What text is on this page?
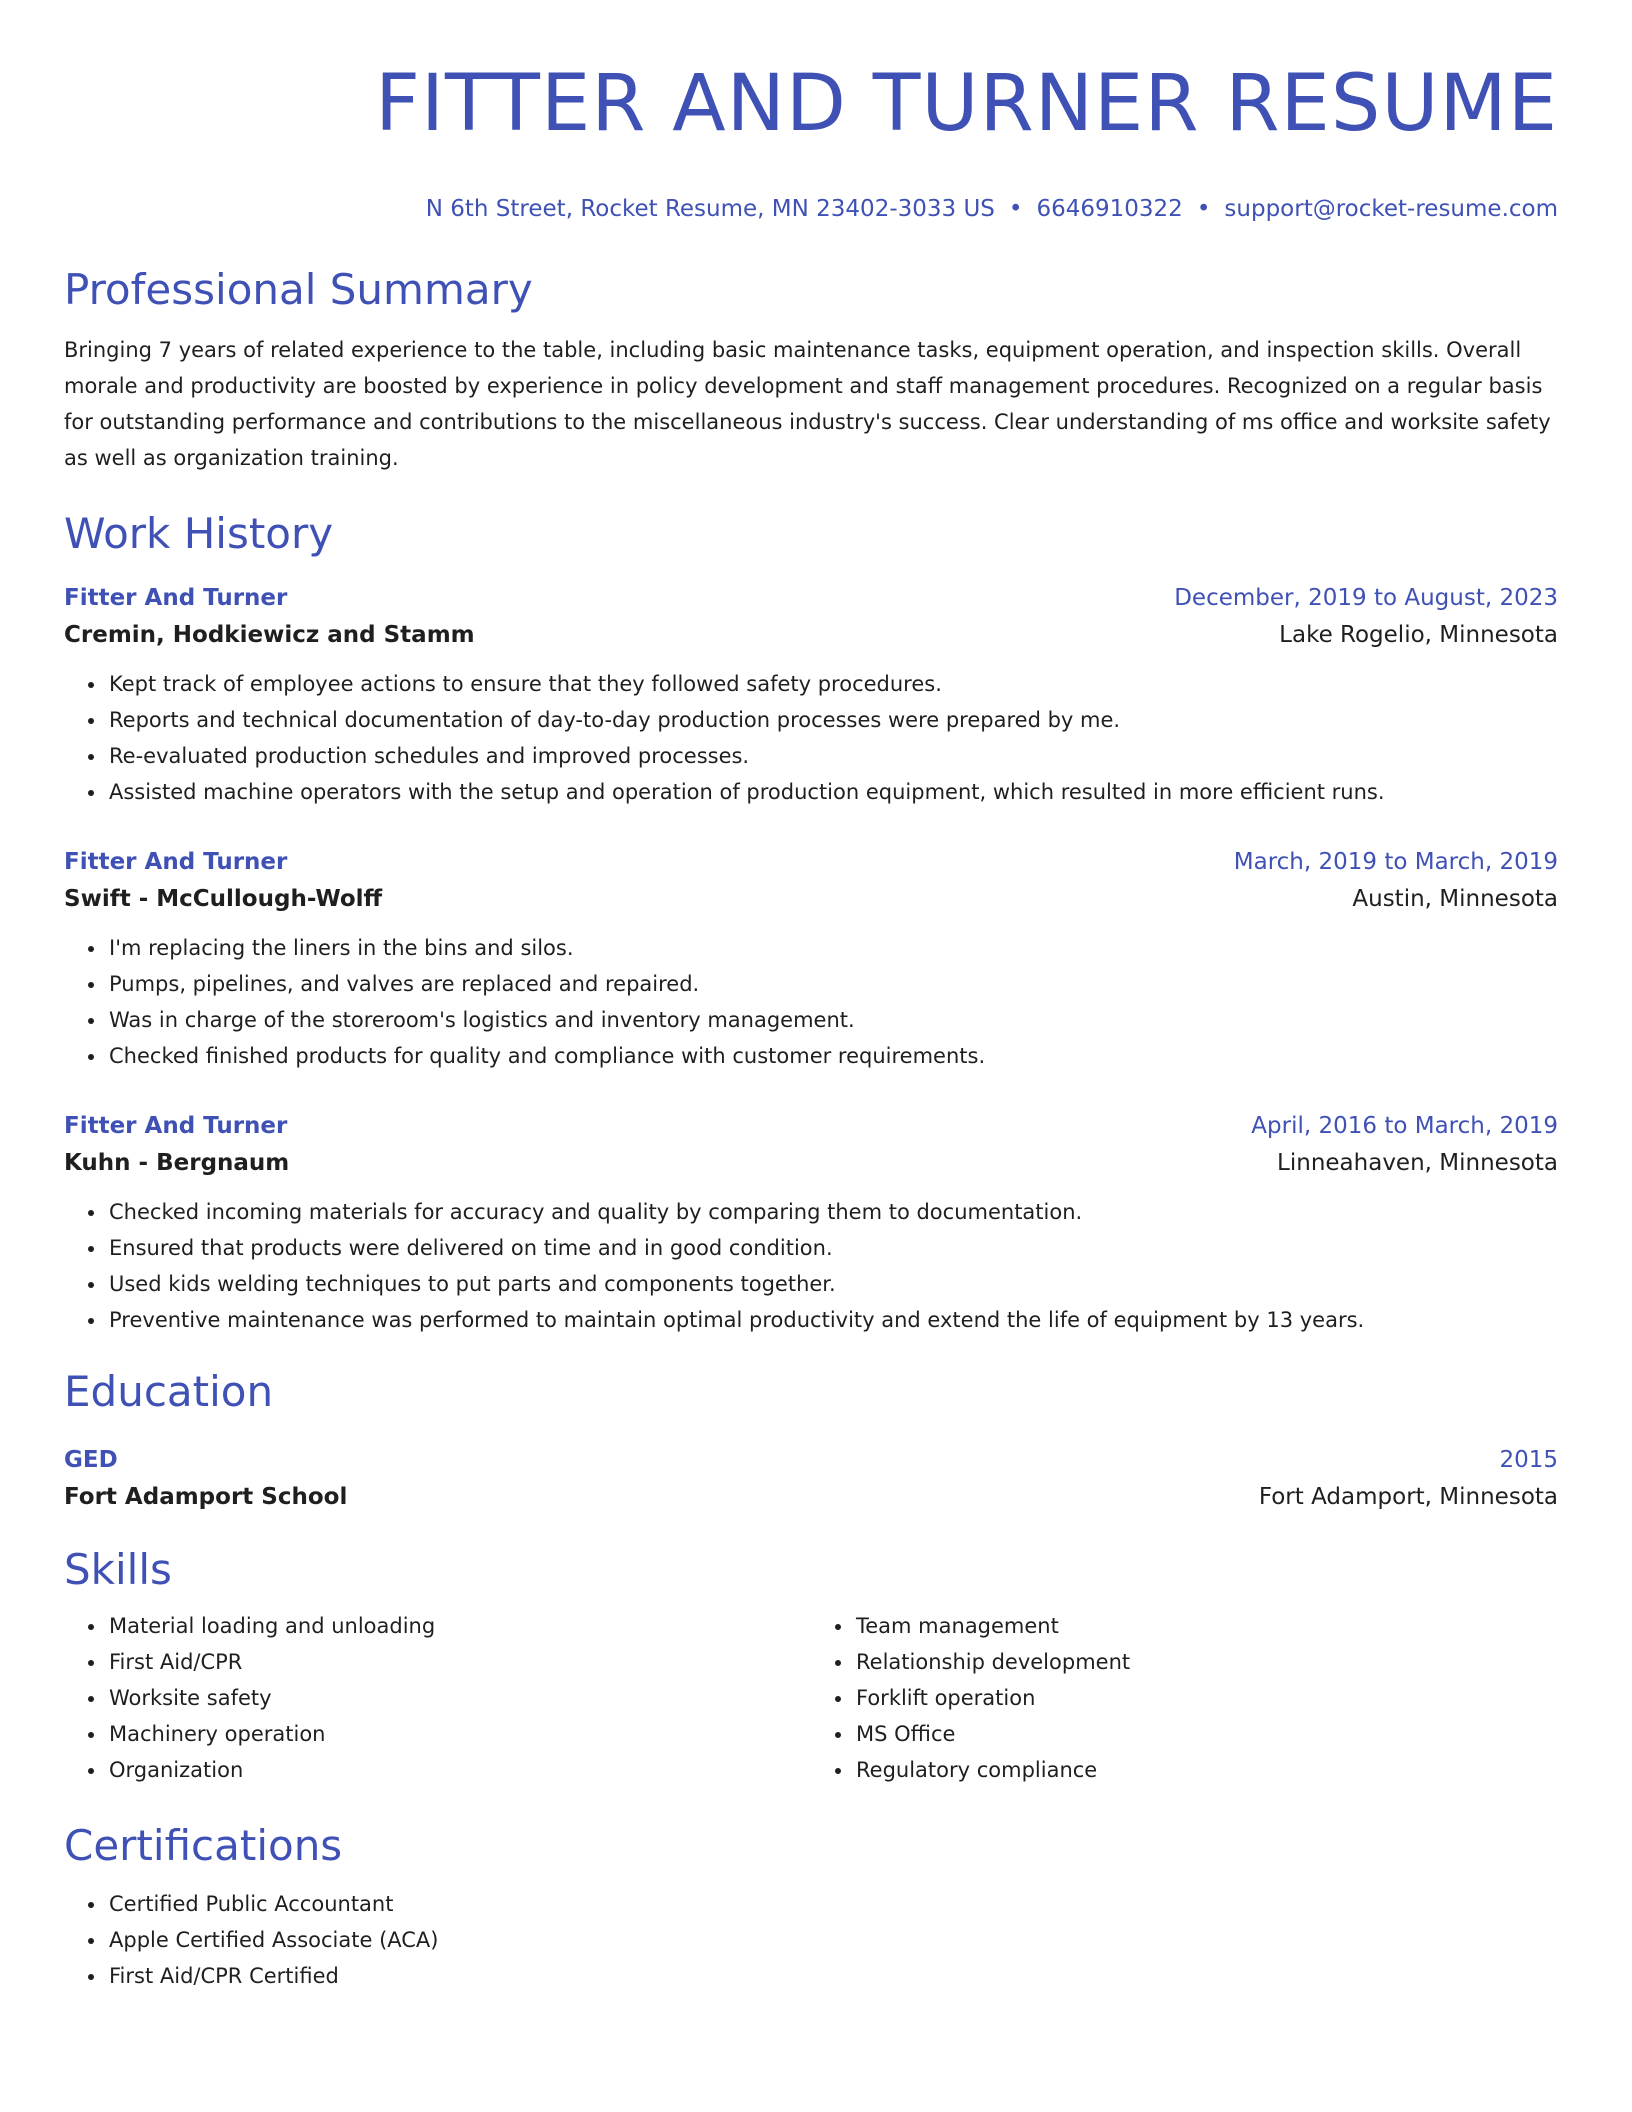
FITTER AND TURNER RESUME
N 6th Street, Rocket Resume, MN 23402-3033 US • 6646910322 • support@rocket-resume.com
Professional Summary
Bringing 7 years of related experience to the table, including basic maintenance tasks, equipment operation, and inspection skills. Overall morale and productivity are boosted by experience in policy development and staff management procedures. Recognized on a regular basis for outstanding performance and contributions to the miscellaneous industry's success. Clear understanding of ms office and worksite safety as well as organization training.
Work History
Fitter And Turner	December, 2019 to August, 2023
Cremin, Hodkiewicz and Stamm	Lake Rogelio, Minnesota
• Kept track of employee actions to ensure that they followed safety procedures.
• Reports and technical documentation of day-to-day production processes were prepared by me.
• Re-evaluated production schedules and improved processes.
• Assisted machine operators with the setup and operation of production equipment, which resulted in more efficient runs.
Fitter And Turner	March, 2019 to March, 2019
Swift - McCullough-Wolff	Austin, Minnesota
• I'm replacing the liners in the bins and silos.
• Pumps, pipelines, and valves are replaced and repaired.
• Was in charge of the storeroom's logistics and inventory management.
• Checked finished products for quality and compliance with customer requirements.
Fitter And Turner	April, 2016 to March, 2019
Kuhn - Bergnaum	Linneahaven, Minnesota
• Checked incoming materials for accuracy and quality by comparing them to documentation.
• Ensured that products were delivered on time and in good condition.
• Used kids welding techniques to put parts and components together.
• Preventive maintenance was performed to maintain optimal productivity and extend the life of equipment by 13 years.
Education
GED	2015
Fort Adamport School	Fort Adamport, Minnesota
Skills
• Material loading and unloading
• First Aid/CPR
• Worksite safety
• Machinery operation
• Organization
• Team management
• Relationship development
• Forklift operation
• MS Office
• Regulatory compliance
Certifications
• Certified Public Accountant
• Apple Certified Associate (ACA)
• First Aid/CPR Certified
